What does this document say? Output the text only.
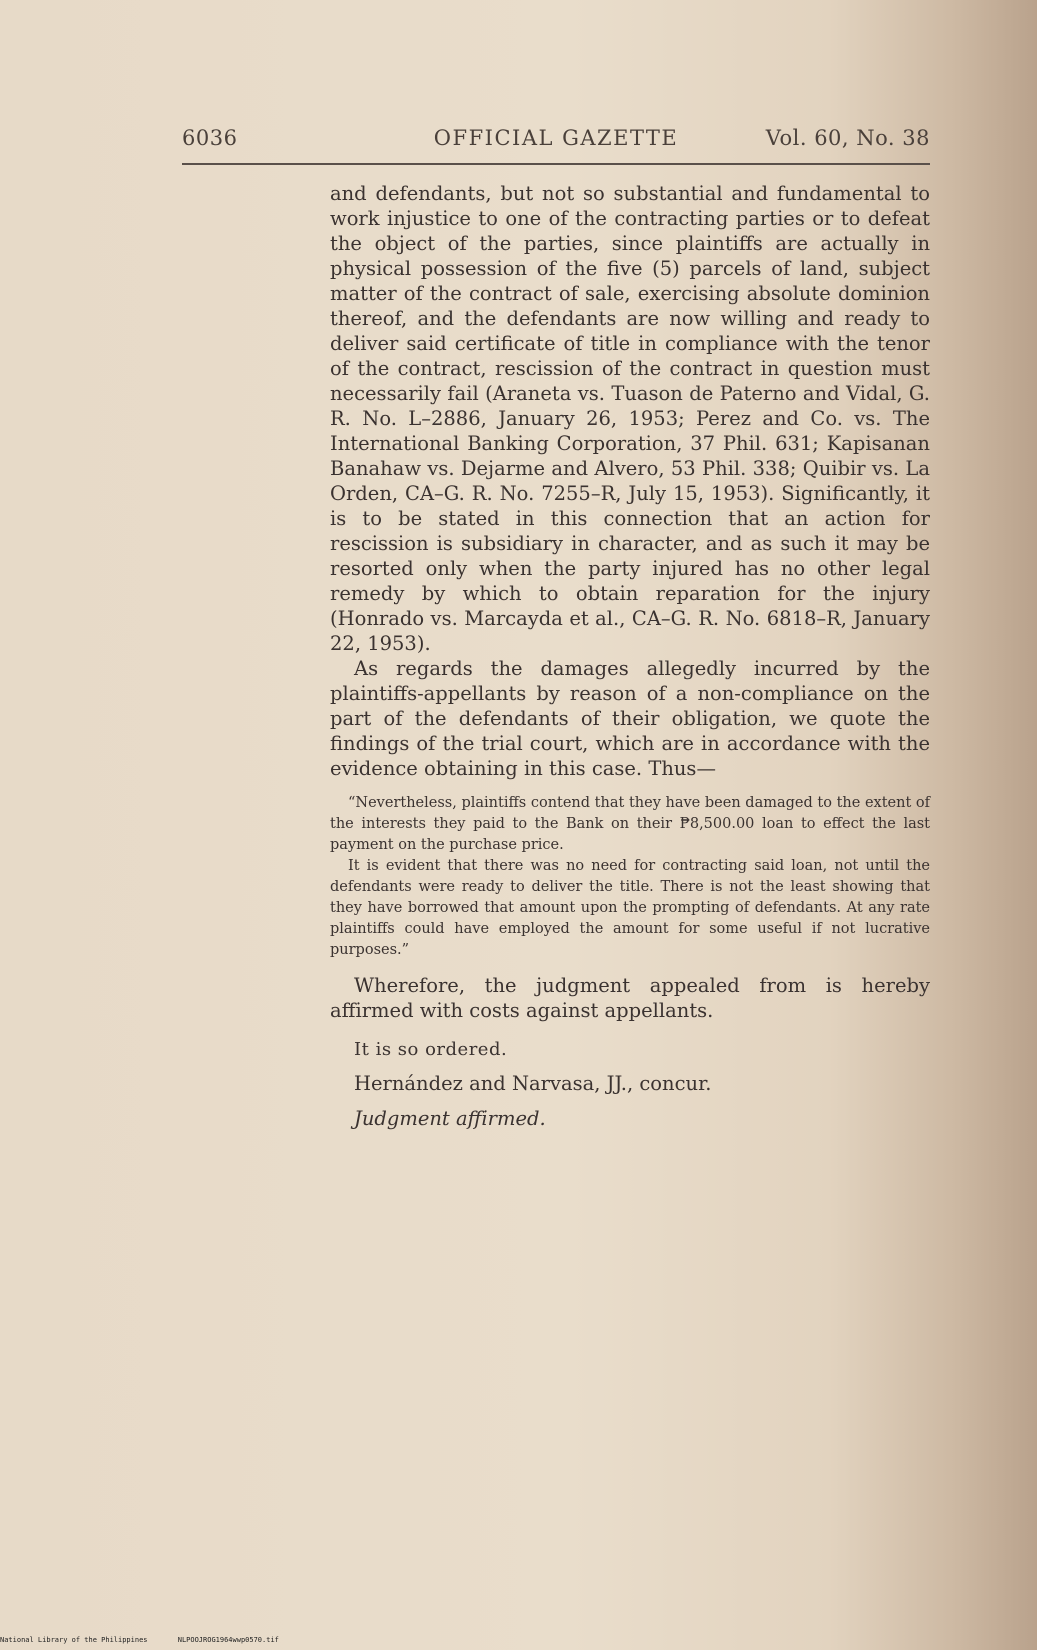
6036	OFFICIAL GAZETTE	Vol. 60, No. 38

and defendants, but not so substantial and fundamental to work injustice to one of the contracting parties or to defeat the object of the parties, since plaintiffs are actually in physical possession of the five (5) parcels of land, subject matter of the contract of sale, exercising absolute dominion thereof, and the defendants are now willing and ready to deliver said certificate of title in compliance with the tenor of the contract, rescission of the contract in question must necessarily fail (Araneta vs. Tuason de Paterno and Vidal, G. R. No. L–2886, January 26, 1953; Perez and Co. vs. The International Banking Corporation, 37 Phil. 631; Kapisanan Banahaw vs. Dejarme and Alvero, 53 Phil. 338; Quibir vs. La Orden, CA–G. R. No. 7255–R, July 15, 1953). Significantly, it is to be stated in this connection that an action for rescission is subsidiary in character, and as such it may be resorted only when the party injured has no other legal remedy by which to obtain reparation for the injury (Honrado vs. Marcayda et al., CA–G. R. No. 6818–R, January 22, 1953).

As regards the damages allegedly incurred by the plaintiffs-appellants by reason of a non-compliance on the part of the defendants of their obligation, we quote the findings of the trial court, which are in accordance with the evidence obtaining in this case. Thus—

“Nevertheless, plaintiffs contend that they have been damaged to the extent of the interests they paid to the Bank on their ₱8,500.00 loan to effect the last payment on the purchase price.

It is evident that there was no need for contracting said loan, not until the defendants were ready to deliver the title. There is not the least showing that they have borrowed that amount upon the prompting of defendants. At any rate plaintiffs could have employed the amount for some useful if not lucrative purposes.”

Wherefore, the judgment appealed from is hereby affirmed with costs against appellants.

It is so ordered.

Hernández and Narvasa, JJ., concur.

Judgment affirmed.

National Library of the Philippines	NLPOOJROG1964wwp0570.tif
